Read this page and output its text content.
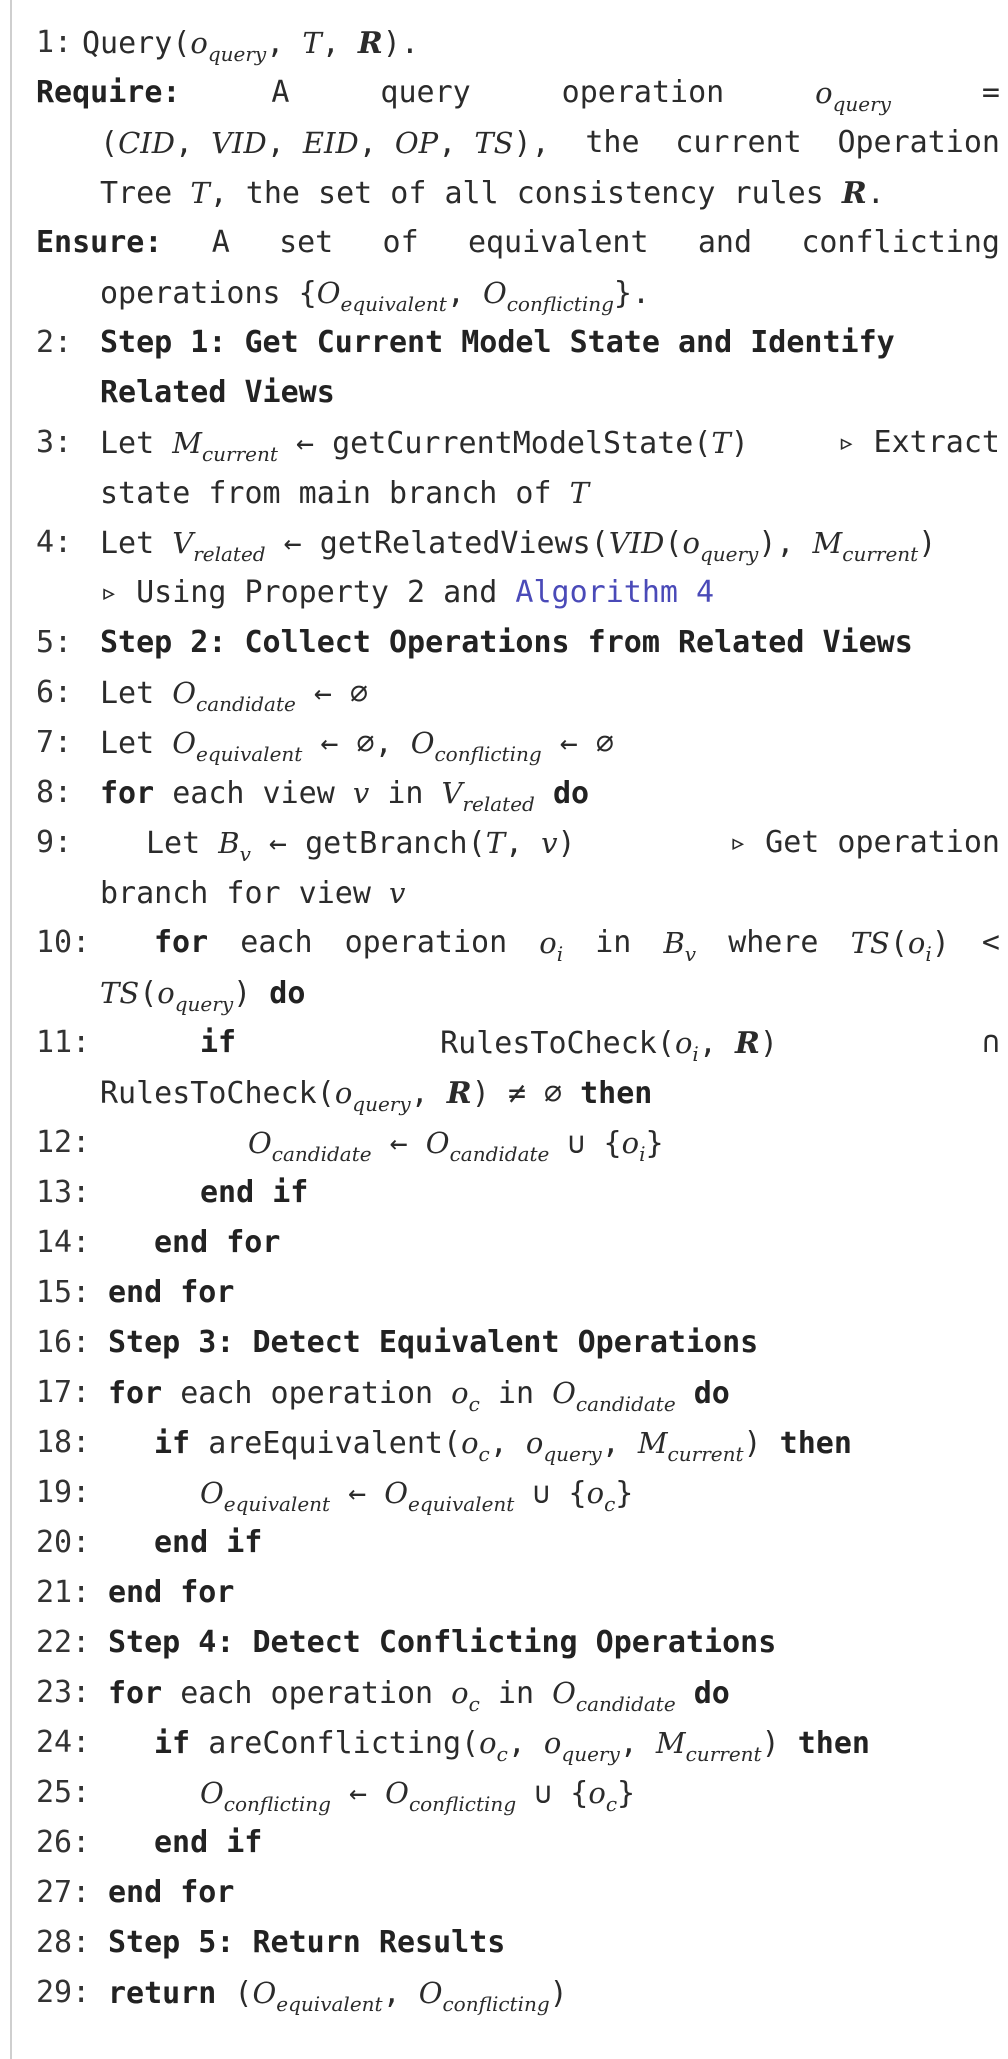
1: $Query(o_{query}$, T, R).
Require:	A	query	operation	$o_{query}$	=
(CID, VID, EID, OP, TS), the current Operation
Tree T, the set of all consistency rules R.
Ensure: A set of equivalent and conflicting
operations {$O_{equivalent}$, $O_{conflicting}$}.
2: Step 1: Get Current Model State and Identify
Related Views
3: Let $M_{current}$ ← getCurrentModelState(T)	▹ Extract
state from main branch of T
4: Let $V_{related}$ ← $getRelatedViews(VID(o_{query})$, $M_{current}$)
▹ Using Property 2 and Algorithm 4
5: Step 2: Collect Operations from Related Views
6: Let $O_{candidate}$ ← ∅
7: Let $O_{equivalent}$ ← ∅, $O_{conflicting}$ ← ∅
8: for each view v in $V_{related}$ do
9: Let $B_v$ ← getBranch(T, v)	▹ Get operation
branch for view v
10: for each operation $o_i$ in $B_v$ where $TS(o_i)$ <
$TS(o_{query})$ do
11:	if	$RulesToCheck(o_i$, R)	∩
$RulesToCheck(o_{query}$, R) ≠ ∅ then
12:	$O_{candidate}$ ← $O_{candidate}$ ∪ $\{o_i\}$
13:	end if
14: end for
15: end for
16: Step 3: Detect Equivalent Operations
17: for each operation $o_c$ in $O_{candidate}$ do
18: if $areEquivalent(o_c$, $o_{query}$, $M_{current}$) then
19:	$O_{equivalent}$ ← $O_{equivalent}$ ∪ $\{o_c\}$
20: end if
21: end for
22: Step 4: Detect Conflicting Operations
23: for each operation $o_c$ in $O_{candidate}$ do
24: if $areConflicting(o_c$, $o_{query}$, $M_{current}$) then
25:	$O_{conflicting}$ ← $O_{conflicting}$ ∪ $\{o_c\}$
26: end if
27: end for
28: Step 5: Return Results
29: return ($O_{equivalent}$, $O_{conflicting}$)
